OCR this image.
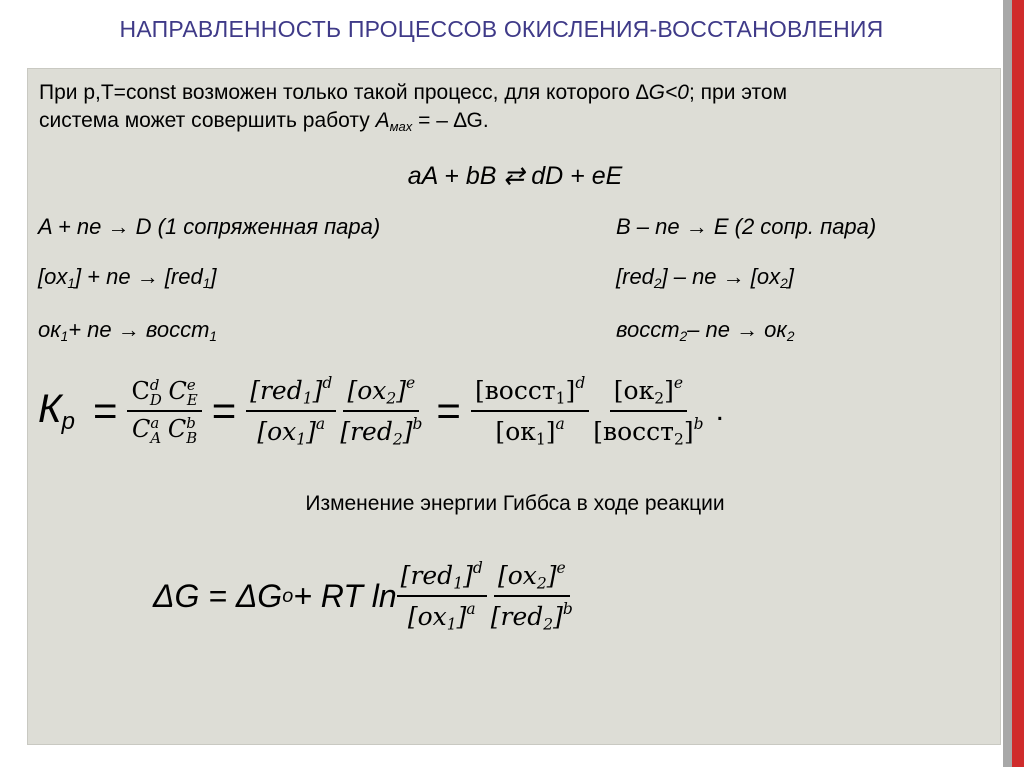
НАПРАВЛЕННОСТЬ ПРОЦЕССОВ ОКИСЛЕНИЯ-ВОССТАНОВЛЕНИЯ
При р,Т=const возможен только такой процесс, для которого ∆G<0; при этом
система может совершить работу $А_{мах}$ = – ∆G.
aA + bB ⇄ dD + eE
A + ne → D (1 сопряженная пара)	B – ne → E (2 сопр. пара)
$[ox_1]$ + ne → [red$_1$]	[red$_2$] – ne → $[ox_2]$
$ок_1+$ ne → восст$_1$	восст$_2$– ne → $ок_2$
$К_р = C$ d
D C e
E
C a
A C b
$B = \frac{[red_1]^d}{[ox_1]^a} \frac{[ox_2]^e}{[red_2]^b} = \frac{[восст_1]^d}{[ок_1]^a} \frac{[ок_2]^e}{[восст_2]^b}$ .
Изменение энергии Гиббса в ходе реакции
ΔG = ΔG o + RT $\ln \frac{[red_1]^d}{[ox_1]^a} \frac{[ox_2]^e}{[red_2]^b}$
